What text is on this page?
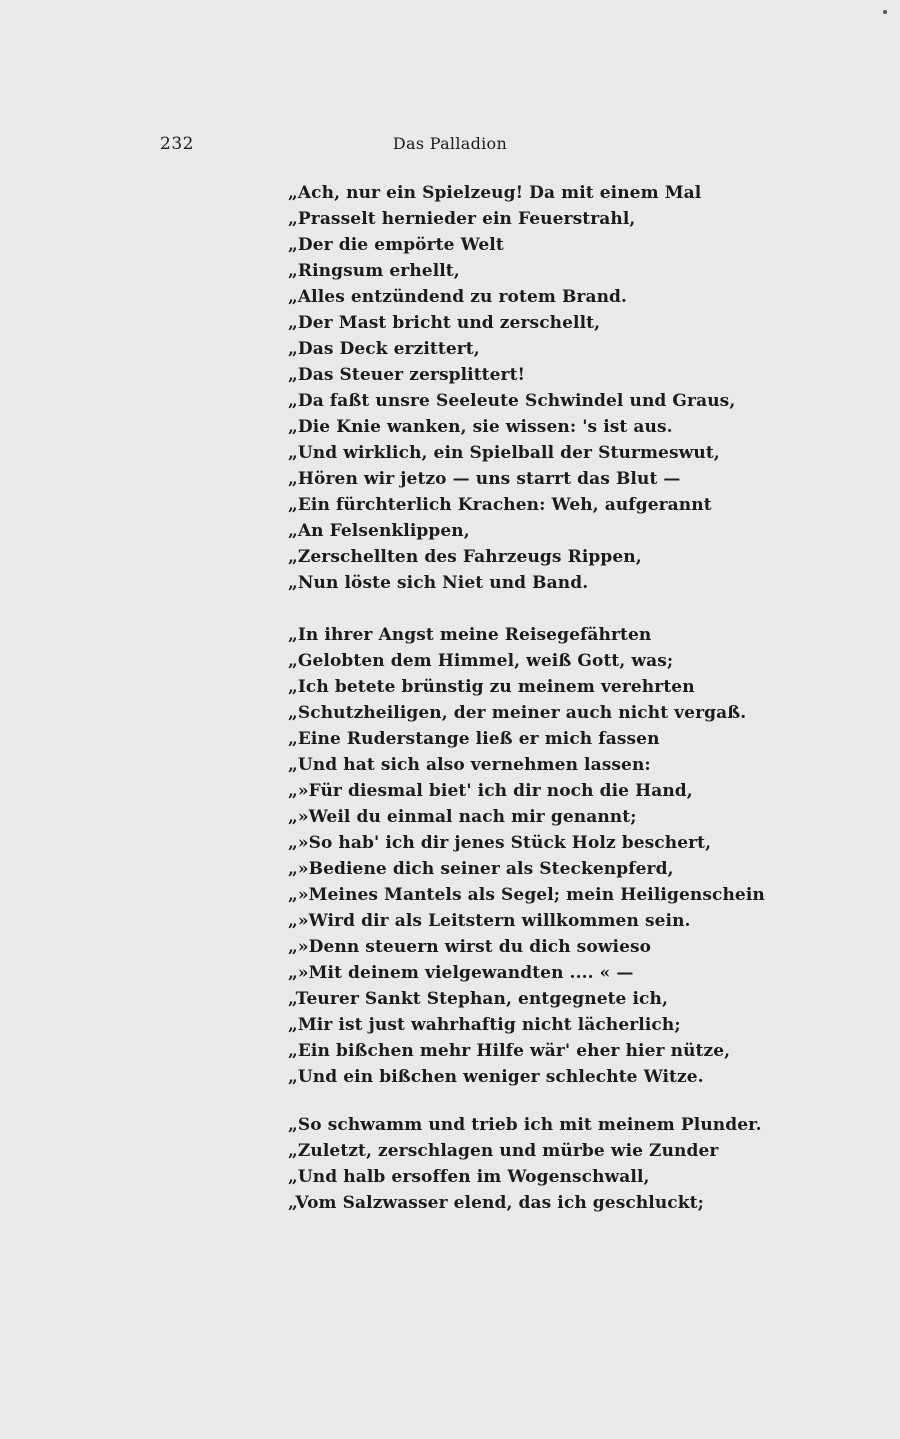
232	Das Palladion
„Ach, nur ein Spielzeug! Da mit einem Mal
„Prasselt hernieder ein Feuerstrahl,
„Der die empörte Welt
„Ringsum erhellt,
„Alles entzündend zu rotem Brand.
„Der Mast bricht und zerschellt,
„Das Deck erzittert,
„Das Steuer zersplittert!
„Da faßt unsre Seeleute Schwindel und Graus,
„Die Knie wanken, sie wissen: 's ist aus.
„Und wirklich, ein Spielball der Sturmeswut,
„Hören wir jetzo — uns starrt das Blut —
„Ein fürchterlich Krachen: Weh, aufgerannt
„An Felsenklippen,
„Zerschellten des Fahrzeugs Rippen,
„Nun löste sich Niet und Band.
„In ihrer Angst meine Reisegefährten
„Gelobten dem Himmel, weiß Gott, was;
„Ich betete brünstig zu meinem verehrten
„Schutzheiligen, der meiner auch nicht vergaß.
„Eine Ruderstange ließ er mich fassen
„Und hat sich also vernehmen lassen:
„»Für diesmal biet' ich dir noch die Hand,
„»Weil du einmal nach mir genannt;
„»So hab' ich dir jenes Stück Holz beschert,
„»Bediene dich seiner als Steckenpferd,
„»Meines Mantels als Segel; mein Heiligenschein
„»Wird dir als Leitstern willkommen sein.
„»Denn steuern wirst du dich sowieso
„»Mit deinem vielgewandten .... « —
„Teurer Sankt Stephan, entgegnete ich,
„Mir ist just wahrhaftig nicht lächerlich;
„Ein bißchen mehr Hilfe wär' eher hier nütze,
„Und ein bißchen weniger schlechte Witze.
„So schwamm und trieb ich mit meinem Plunder.
„Zuletzt, zerschlagen und mürbe wie Zunder
„Und halb ersoffen im Wogenschwall,
„Vom Salzwasser elend, das ich geschluckt;
